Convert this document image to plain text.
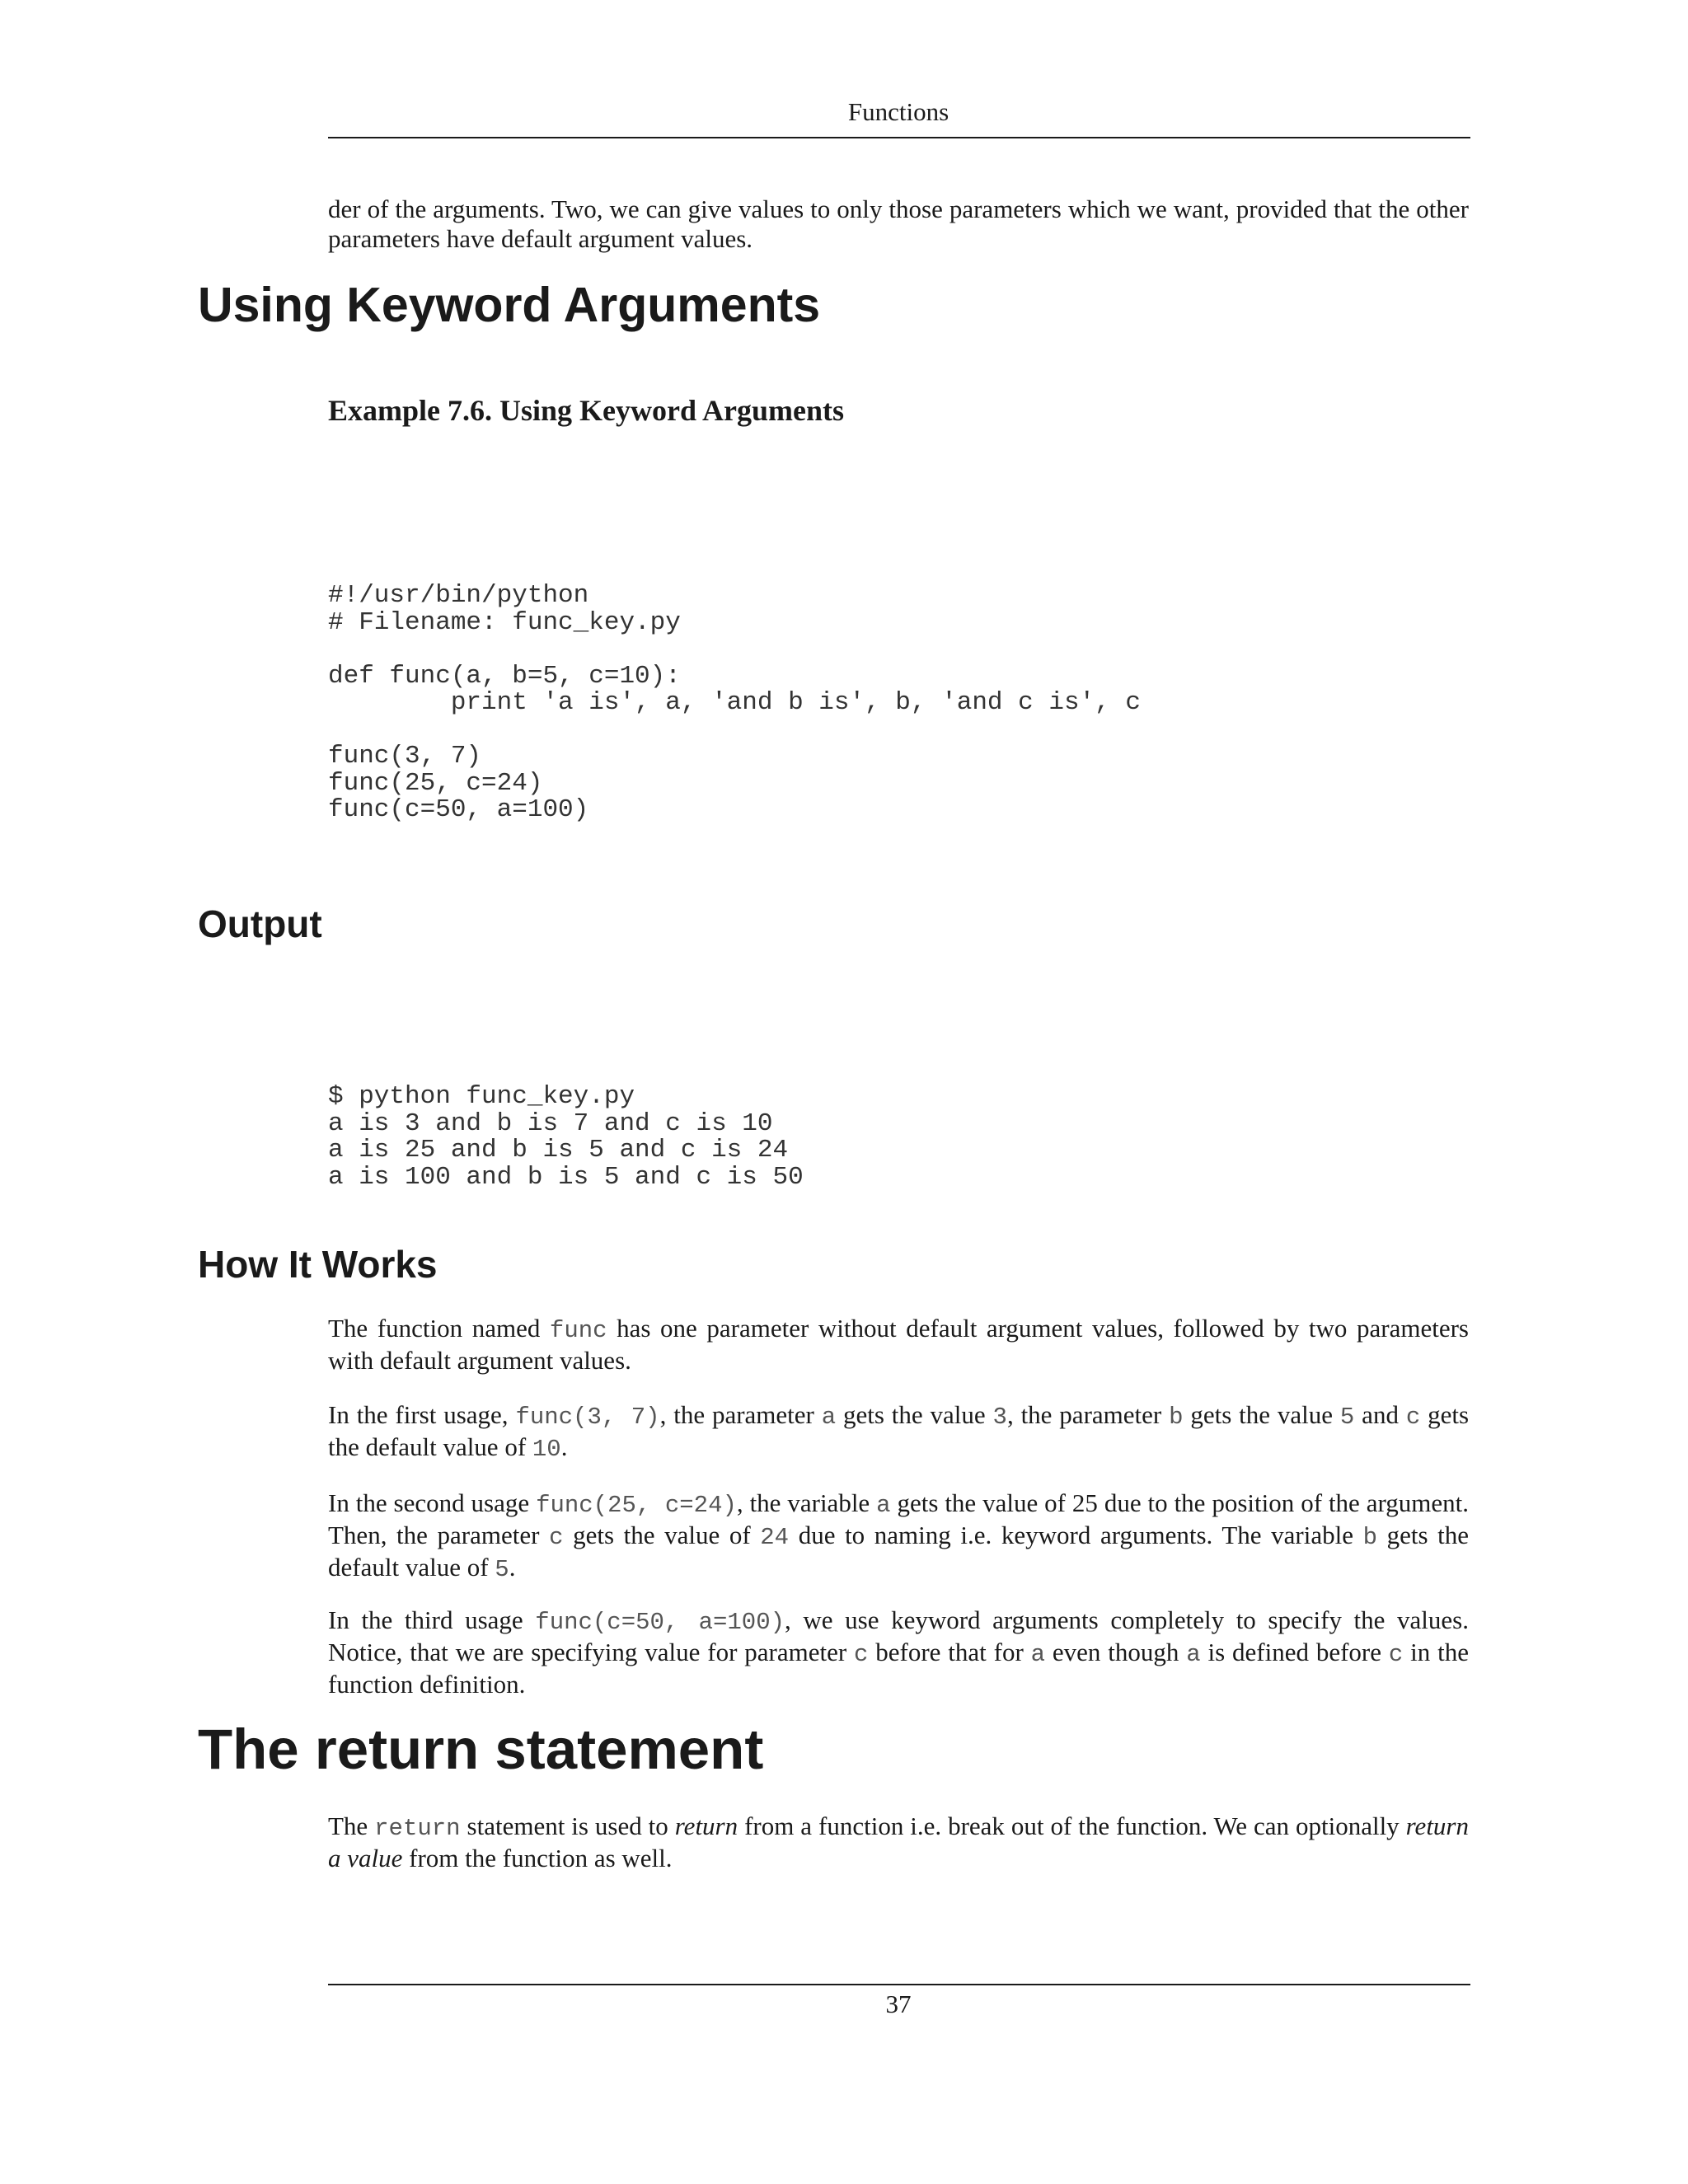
Functions

der of the arguments. Two, we can give values to only those parameters which we want, provided that the other parameters have default argument values.

Using Keyword Arguments
Example 7.6. Using Keyword Arguments

#!/usr/bin/python
# Filename: func_key.py
def func(a, b=5, c=10):
print 'a is', a, 'and b is', b, 'and c is', c
func(3, 7)
func(25, c=24)
func(c=50, a=100)

Output

$ python func_key.py
a is 3 and b is 7 and c is 10
a is 25 and b is 5 and c is 24
a is 100 and b is 5 and c is 50

How It Works

The function named func has one parameter without default argument values, followed by two parameters with default argument values.

In the first usage, func(3, 7), the parameter a gets the value 3, the parameter b gets the value 5 and c gets the default value of 10.

In the second usage func(25, c=24), the variable a gets the value of 25 due to the position of the argument. Then, the parameter c gets the value of 24 due to naming i.e. keyword arguments. The variable b gets the default value of 5.

In the third usage func(c=50, a=100), we use keyword arguments completely to specify the values. Notice, that we are specifying value for parameter c before that for a even though a is defined before c in the function definition.

The return statement

The return statement is used to return from a function i.e. break out of the function. We can optionally return a value from the function as well.

37
